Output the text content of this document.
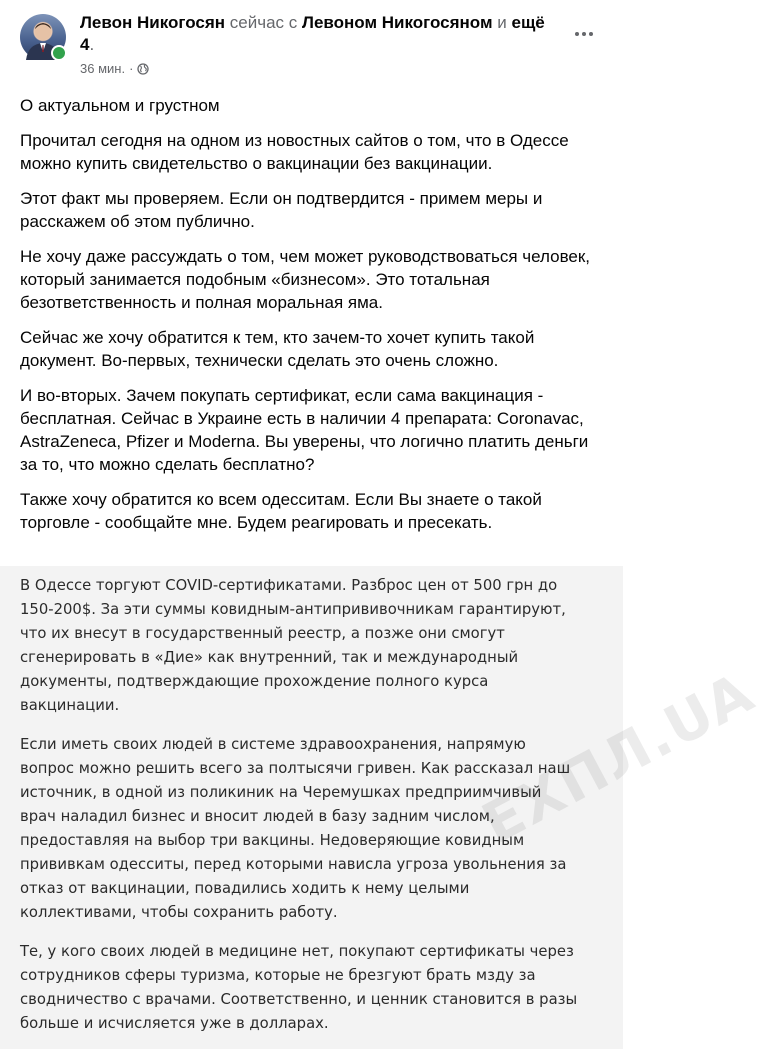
Левон Никогосян сейчас с Левоном Никогосяном и ещё 4.
36 мин. ·

О актуальном и грустном

Прочитал сегодня на одном из новостных сайтов о том, что в Одессе можно купить свидетельство о вакцинации без вакцинации.

Этот факт мы проверяем. Если он подтвердится - примем меры и расскажем об этом публично.

Не хочу даже рассуждать о том, чем может руководствоваться человек, который занимается подобным «бизнесом». Это тотальная безответственность и полная моральная яма.

Сейчас же хочу обратится к тем, кто зачем-то хочет купить такой документ. Во-первых, технически сделать это очень сложно.

И во-вторых. Зачем покупать сертификат, если сама вакцинация - бесплатная. Сейчас в Украине есть в наличии 4 препарата: Coronavac, AstraZeneca, Pfizer и Moderna. Вы уверены, что логично платить деньги за то, что можно сделать бесплатно?

Также хочу обратится ко всем одесситам. Если Вы знаете о такой торговле - сообщайте мне. Будем реагировать и пресекать.

ЕХПЛ.UA

В Одессе торгуют COVID-сертификатами. Разброс цен от 500 грн до 150-200$. За эти суммы ковидным-антипрививочникам гарантируют, что их внесут в государственный реестр, а позже они смогут сгенерировать в «Дие» как внутренний, так и международный документы, подтверждающие прохождение полного курса вакцинации.

Если иметь своих людей в системе здравоохранения, напрямую вопрос можно решить всего за полтысячи гривен. Как рассказал наш источник, в одной из поликиник на Черемушках предприимчивый врач наладил бизнес и вносит людей в базу задним числом, предоставляя на выбор три вакцины. Недоверяющие ковидным прививкам одесситы, перед которыми нависла угроза увольнения за отказ от вакцинации, повадились ходить к нему целыми коллективами, чтобы сохранить работу.

Те, у кого своих людей в медицине нет, покупают сертификаты через сотрудников сферы туризма, которые не брезгуют брать мзду за сводничество с врачами. Соответственно, и ценник становится в разы больше и исчисляется уже в долларах.
